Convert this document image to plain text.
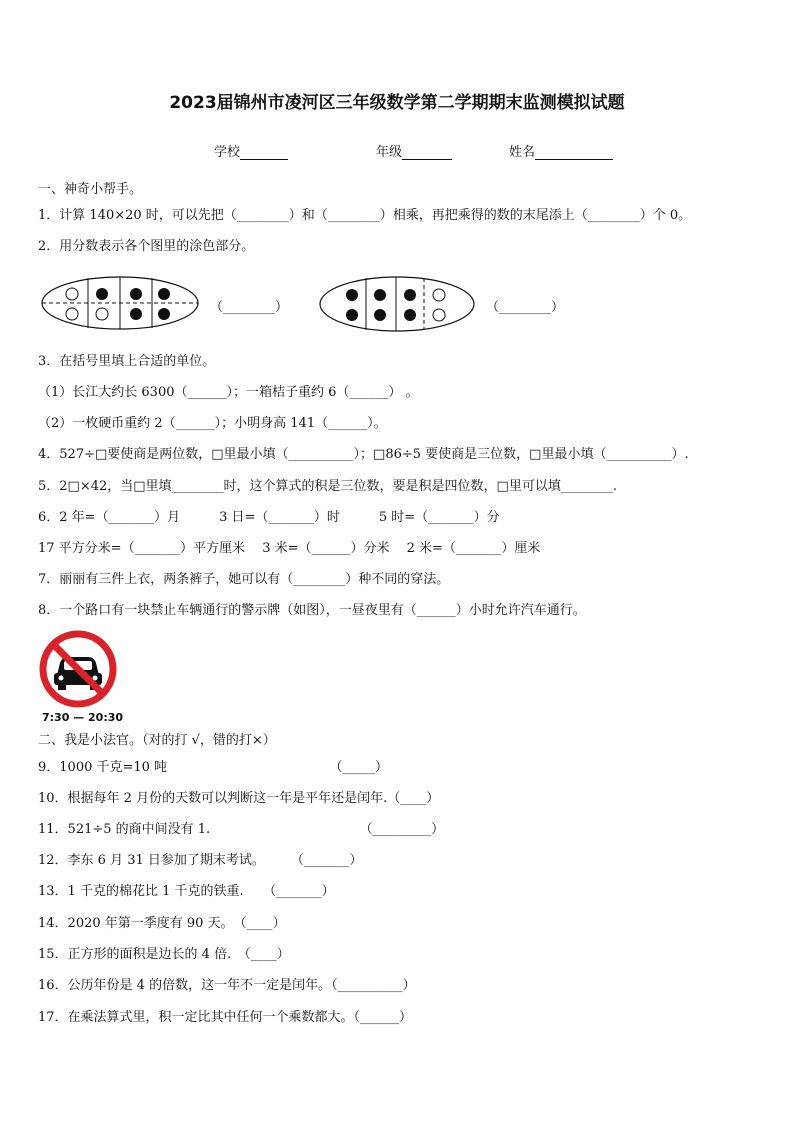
2023届锦州市凌河区三年级数学第二学期期末监测模拟试题
学校	年级	姓名
一、神奇小帮手。
1．计算 140×20 时，可以先把（________）和（________）相乘，再把乘得的数的末尾添上（________）个 0。
2．用分数表示各个图里的涂色部分。
（________）	（________）
3．在括号里填上合适的单位。
（1）长江大约长 6300（______）；一箱桔子重约 6（______） 。
（2）一枚硬币重约 2（______）；小明身高 141（______）。
4．527÷□要使商是两位数，□里最小填（__________）；□86÷5 要使商是三位数，□里最小填（__________）.
5．2□×42，当□里填________时，这个算式的积是三位数，要是积是四位数，□里可以填________.
6．2 年=（_______）月　　　3 日=（_______）时　　　5 时=（_______）分
17 平方分米=（_______）平方厘米　 3 米=（______）分米　 2 米=（_______）厘米
7．丽丽有三件上衣，两条裤子，她可以有（________）种不同的穿法。
8．一个路口有一块禁止车辆通行的警示牌（如图），一昼夜里有（______）小时允许汽车通行。
7:30 — 20:30
二、我是小法官。（对的打 √，错的打×）
9．1000 千克=10 吨　　　　　　　　　　　　　（_____）
10．根据每年 2 月份的天数可以判断这一年是平年还是闰年.（____）
11．521÷5 的商中间没有 1.　　　　　　　　　　　　（_________）
12．李东 6 月 31 日参加了期末考试。　　　（_______）
13．1 千克的棉花比 1 千克的铁重.　　（_______）
14．2020 年第一季度有 90 天。　（____）
15．正方形的面积是边长的 4 倍.　（____）
16．公历年份是 4 的倍数，这一年不一定是闰年。（__________）
17．在乘法算式里，积一定比其中任何一个乘数都大。（______）
